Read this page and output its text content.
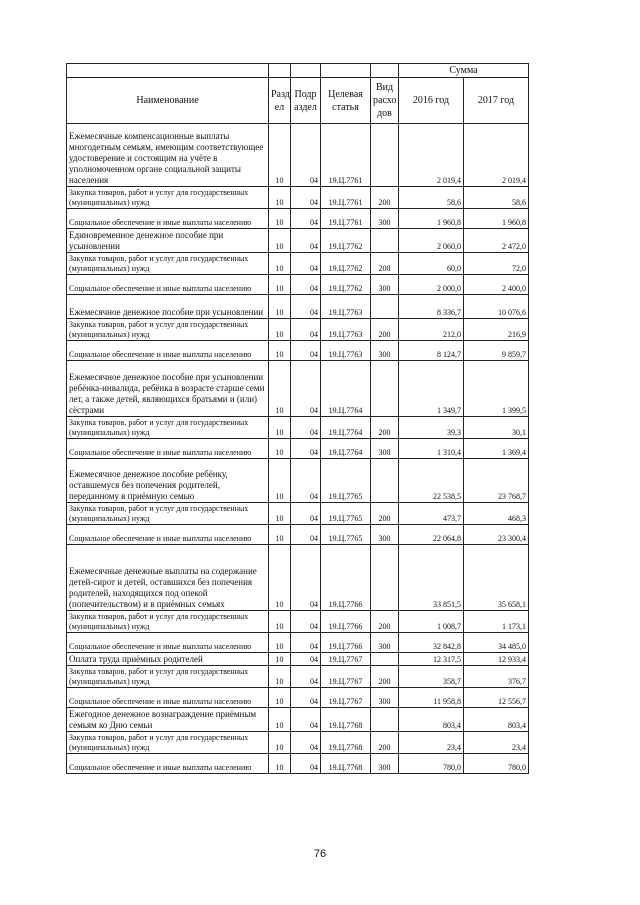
					Сумма	
Наименование	Разд ел	Подр аздел	Целевая статья	Вид расхо дов	2016 год	2017 год
Ежемесячные компенсационные выплаты многодетным семьям, имеющим соответствующее удостоверение и состоящим на учёте в уполномоченном органе социальной защиты населения	10	04	19.Ц.7761		2 019,4	2 019,4
Закупка товаров, работ и услуг для государственных (муниципальных) нужд	10	04	19.Ц.7761	200	58,6	58,6
Социальное обеспечение и иные выплаты населению	10	04	19.Ц.7761	300	1 960,8	1 960,8
Единовременное денежное пособие при усыновлении	10	04	19.Ц.7762		2 060,0	2 472,0
Закупка товаров, работ и услуг для государственных (муниципальных) нужд	10	04	19.Ц.7762	200	60,0	72,0
Социальное обеспечение и иные выплаты населению	10	04	19.Ц.7762	300	2 000,0	2 400,0
Ежемесячное денежное пособие при усыновлении	10	04	19.Ц.7763		8 336,7	10 076,6
Закупка товаров, работ и услуг для государственных (муниципальных) нужд	10	04	19.Ц.7763	200	212,0	216,9
Социальное обеспечение и иные выплаты населению	10	04	19.Ц.7763	300	8 124,7	9 859,7
Ежемесячное денежное пособие при усыновлении ребёнка-инвалида, ребёнка в возрасте старше семи лет, а также детей, являющихся братьями и (или) сёстрами	10	04	19.Ц.7764		1 349,7	1 399,5
Закупка товаров, работ и услуг для государственных (муниципальных) нужд	10	04	19.Ц.7764	200	39,3	30,1
Социальное обеспечение и иные выплаты населению	10	04	19.Ц.7764	300	1 310,4	1 369,4
Ежемесячное денежное пособие ребёнку, оставшемуся без попечения родителей, переданному в приёмную семью	10	04	19.Ц.7765		22 538,5	23 768,7
Закупка товаров, работ и услуг для государственных (муниципальных) нужд	10	04	19.Ц.7765	200	473,7	468,3
Социальное обеспечение и иные выплаты населению	10	04	19.Ц.7765	300	22 064,8	23 300,4
Ежемесячные денежные выплаты на содержание детей-сирот и детей, оставшихся без попечения родителей, находящихся под опекой (попечительством) и в приёмных семьях	10	04	19.Ц.7766		33 851,5	35 658,1
Закупка товаров, работ и услуг для государственных (муниципальных) нужд	10	04	19.Ц.7766	200	1 008,7	1 173,1
Социальное обеспечение и иные выплаты населению	10	04	19.Ц.7766	300	32 842,8	34 485,0
Оплата труда приёмных родителей	10	04	19.Ц.7767		12 317,5	12 933,4
Закупка товаров, работ и услуг для государственных (муниципальных) нужд	10	04	19.Ц.7767	200	358,7	376,7
Социальное обеспечение и иные выплаты населению	10	04	19.Ц.7767	300	11 958,8	12 556,7
Ежегодное денежное вознаграждение приёмным семьям ко Дню семьи	10	04	19.Ц.7768		803,4	803,4
Закупка товаров, работ и услуг для государственных (муниципальных) нужд	10	04	19.Ц.7768	200	23,4	23,4
Социальное обеспечение и иные выплаты населению	10	04	19.Ц.7768	300	780,0	780,0
76
